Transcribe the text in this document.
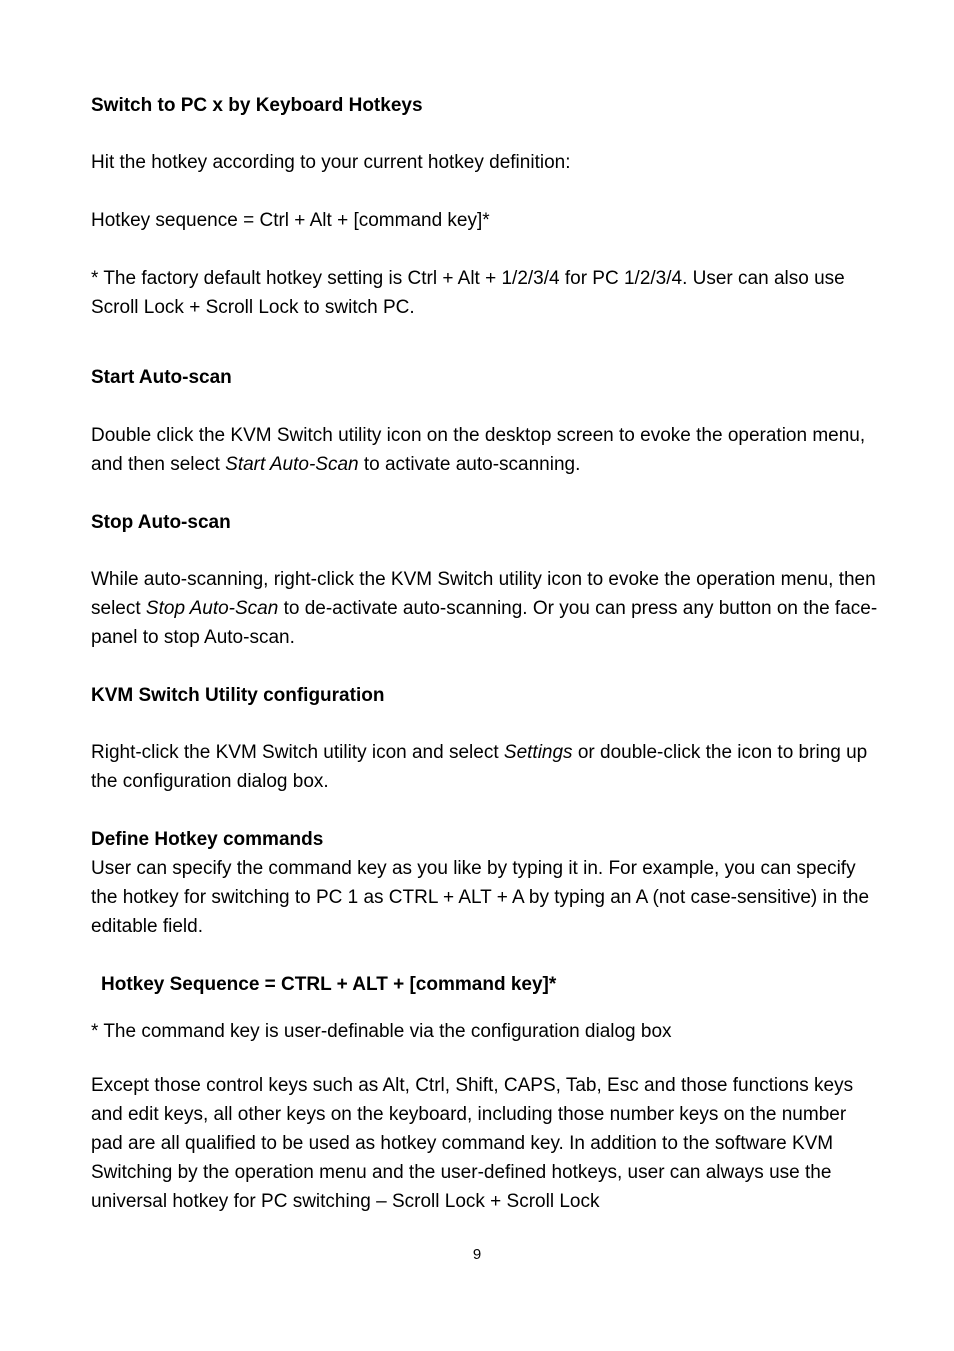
Switch to PC x by Keyboard Hotkeys

Hit the hotkey according to your current hotkey definition:

Hotkey sequence = Ctrl + Alt + [command key]*

* The factory default hotkey setting is Ctrl + Alt + 1/2/3/4 for PC 1/2/3/4. User can also use Scroll Lock + Scroll Lock to switch PC.

Start Auto-scan

Double click the KVM Switch utility icon on the desktop screen to evoke the operation menu, and then select Start Auto-Scan to activate auto-scanning.

Stop Auto-scan

While auto-scanning, right-click the KVM Switch utility icon to evoke the operation menu, then select Stop Auto-Scan to de-activate auto-scanning. Or you can press any button on the face-panel to stop Auto-scan.

KVM Switch Utility configuration

Right-click the KVM Switch utility icon and select Settings or double-click the icon to bring up the configuration dialog box.

Define Hotkey commands

User can specify the command key as you like by typing it in. For example, you can specify the hotkey for switching to PC 1 as CTRL + ALT + A by typing an A (not case-sensitive) in the editable field.

Hotkey Sequence = CTRL + ALT + [command key]*

* The command key is user-definable via the configuration dialog box

Except those control keys such as Alt, Ctrl, Shift, CAPS, Tab, Esc and those functions keys and edit keys, all other keys on the keyboard, including those number keys on the number pad are all qualified to be used as hotkey command key. In addition to the software KVM Switching by the operation menu and the user-defined hotkeys, user can always use the universal hotkey for PC switching – Scroll Lock + Scroll Lock

9
